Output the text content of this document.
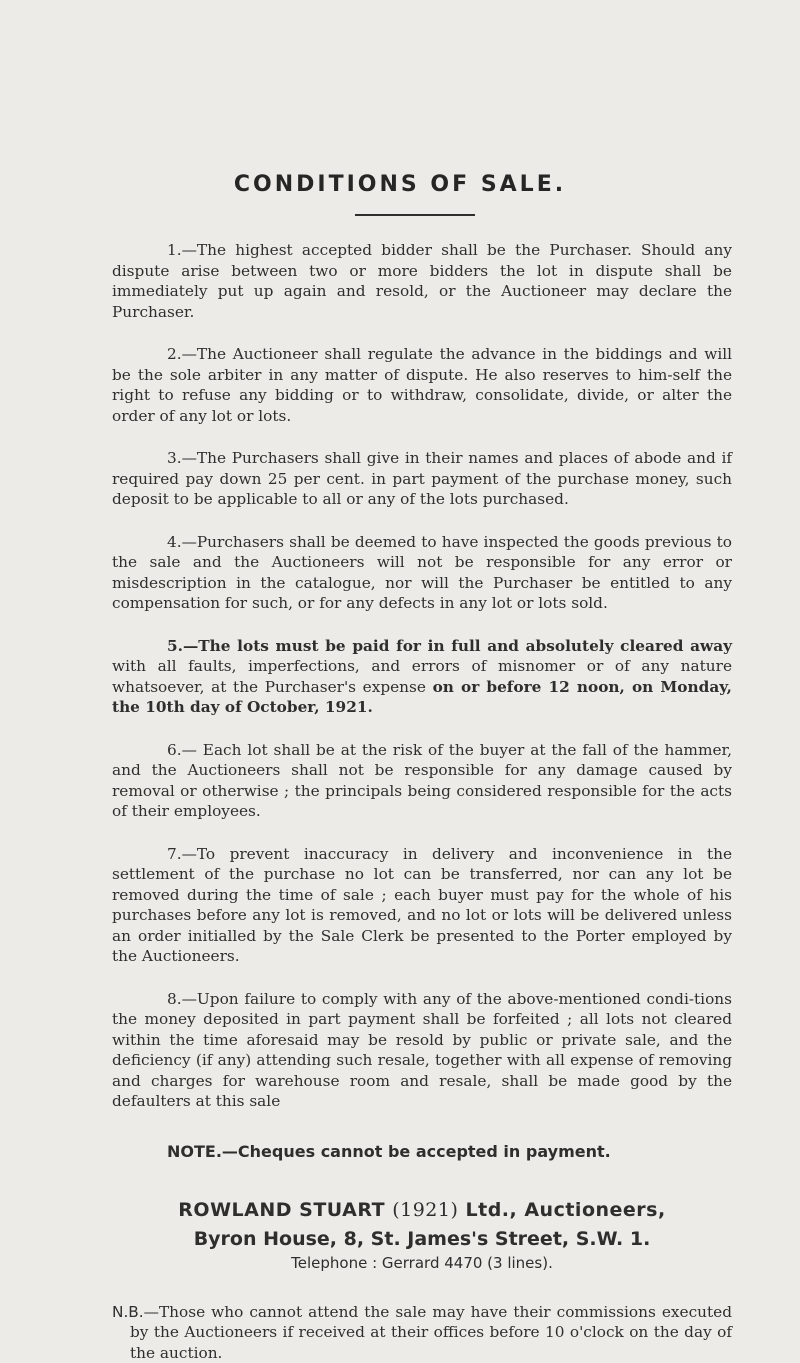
CONDITIONS OF SALE.

1.—The highest accepted bidder shall be the Purchaser. Should any dispute arise between two or more bidders the lot in dispute shall be immediately put up again and resold, or the Auctioneer may declare the Purchaser.

2.—The Auctioneer shall regulate the advance in the biddings and will be the sole arbiter in any matter of dispute. He also reserves to him-self the right to refuse any bidding or to withdraw, consolidate, divide, or alter the order of any lot or lots.

3.—The Purchasers shall give in their names and places of abode and if required pay down 25 per cent. in part payment of the purchase money, such deposit to be applicable to all or any of the lots purchased.

4.—Purchasers shall be deemed to have inspected the goods previous to the sale and the Auctioneers will not be responsible for any error or misdescription in the catalogue, nor will the Purchaser be entitled to any compensation for such, or for any defects in any lot or lots sold.

5.—The lots must be paid for in full and absolutely cleared away with all faults, imperfections, and errors of misnomer or of any nature whatsoever, at the Purchaser's expense on or before 12 noon, on Monday, the 10th day of October, 1921.

6.— Each lot shall be at the risk of the buyer at the fall of the hammer, and the Auctioneers shall not be responsible for any damage caused by removal or otherwise ; the principals being considered responsible for the acts of their employees.

7.—To prevent inaccuracy in delivery and inconvenience in the settlement of the purchase no lot can be transferred, nor can any lot be removed during the time of sale ; each buyer must pay for the whole of his purchases before any lot is removed, and no lot or lots will be delivered unless an order initialled by the Sale Clerk be presented to the Porter employed by the Auctioneers.

8.—Upon failure to comply with any of the above-mentioned condi-tions the money deposited in part payment shall be forfeited ; all lots not cleared within the time aforesaid may be resold by public or private sale, and the deficiency (if any) attending such resale, together with all expense of removing and charges for warehouse room and resale, shall be made good by the defaulters at this sale

NOTE.—Cheques cannot be accepted in payment.

ROWLAND STUART (1921) Ltd., Auctioneers,

Byron House, 8, St. James's Street, S.W. 1.

Telephone : Gerrard 4470 (3 lines).

N.B.—Those who cannot attend the sale may have their commissions executed by the Auctioneers if received at their offices before 10 o'clock on the day of the auction.
